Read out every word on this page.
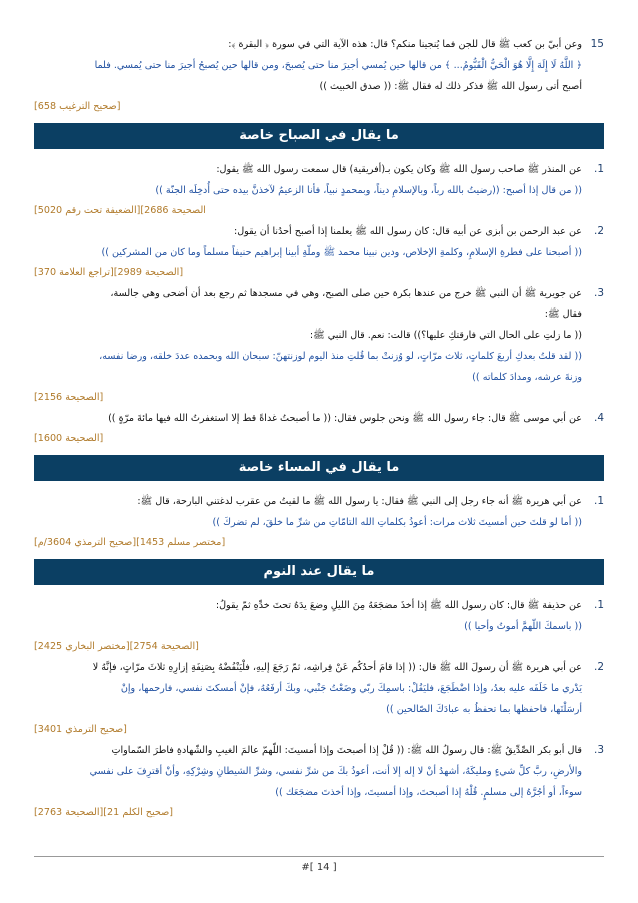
15

وعن أبيّ بن كعب ﷺ قال للجن فما يُنجينا منكم؟ قال: هذه الآية التي في سورة ﴿ البقرة ﴾:

﴿ اللَّهُ لَا إِلَهَ إِلَّا هُوَ الْحَيُّ الْقَيُّومُ... ﴾ من قالها حين يُمسي أجيرَ منا حتى يُصبحَ، ومن قالها حين يُصبحُ أجيرَ منا حتى يُمسي. فلما

أصبح أتى رسول الله ﷺ فذكر ذلك له فقال ﷺ: (( صدق الخبيث ))

[صحيح الترغيب 658]
ما يقال في الصباح خاصة
1.

عن المنذر ﷺ صاحب رسول الله ﷺ وكان يكون بـ(أفريقية) قال سمعت رسول الله ﷺ يقول:

(( من قال إذا أصبح: ((رضيتُ بالله رباً، وبالإسلامِ ديناً، وبمحمدٍ نبياً، فأنا الزعيمُ لآخذنَّ بيده حتى أُدخِلَه الجنّة ))

الصحيحة 2686][الضعيفة تحت رقم 5020]
2.

عن عبد الرحمن بن أبزى عن أبيه قال: كان رسول الله ﷺ يعلمنا إذا أصبح أحدُنا أن يقول:

(( أصبحنا على فطرةِ الإسلامِ، وكلمةِ الإخلاص، ودين نبينا محمد ﷺ وملّةِ أبينا إبراهيم حنيفاً مسلماً وما كان من المشركين ))

[الصحيحة 2989][تراجع العلامة 370]
3.

عن جويرية ﷺ أن النبي ﷺ خرج من عندها بكرة حين صلى الصبح، وهي في مسجدها ثم رجع بعد أن أضحى وهي جالسة،

فقال ﷺ:

(( ما زلتِ على الحال التي فارقتكِ عليها؟)) قالت: نعم. قال النبي ﷺ:

(( لقد قلتُ بعدكِ أربعَ كلماتٍ، ثلاث مرّاتٍ، لو وُزنتْ بما قُلتِ منذ اليوم لوزنتهنّ: سبحان الله وبحمده عددَ خلقه، ورضا نفسه،

وزنةَ عرشه، ومدادَ كلماته ))

[الصحيحة 2156]
4.

عن أبي موسى ﷺ قال: جاء رسول الله ﷺ ونحن جلوس فقال: (( ما أصبحتُ غداةً قط إلا استغفرتُ الله فيها مائةَ مرّةٍ ))

[الصحيحة 1600]
ما يقال في المساء خاصة
1.

عن أبي هريرة ﷺ أنه جاء رجل إلى النبي ﷺ فقال: يا رسول الله ﷺ ما لقيتُ من عقرب لدغتني البارحة، قال ﷺ:

(( أما لو قلتَ حين أمسيتَ ثلاث مرات: أعوذُ بكلماتِ الله التامّاتِ من شرِّ ما خلقَ، لم تضركَ ))

[مختصر مسلم 1453][صحيح الترمذي 3604/م]
ما يقال عند النوم
1.

عن حذيفة ﷺ قال: كان رسول الله ﷺ إذا أخذَ مضجَعَهُ مِنَ الليلِ وضعَ يدَهُ تحتَ خدِّهِ ثمّ يقولُ:

(( باسمكَ اللّهمَّ أموتُ وأحيا ))

[الصحيحة 2754][مختصر البخاري 2425]
2.

عن أبي هريرة ﷺ أن رسولَ الله ﷺ قال: (( إذا قامَ أحدُكُم عَنْ فِراشِه، ثمّ رَجَعَ إليهِ، فلْيَنْفُضْهُ بِصَنِفَةِ إزارِهِ ثلاثَ مرّاتٍ، فإنَّهُ لا

يَدْري ما خَلَفَه عليه بعدُ، وإذا اضْطَجَعَ، فليَقُلْ: باسمِكَ ربّي وضَعْتُ جَنْبي، وبكَ أرفَعُهُ، فإنْ أمسكتَ نفسي، فارحمها، وإنْ

أرسَلْتَها، فاحفظها بما تحفظُ به عبادَكَ الصّالحين ))

[صحيح الترمذي 3401]
3.

قال أبو بكر الصِّدِّيقُ ﷺ: قال رسولُ الله ﷺ: (( قُلْ إذا أصبحتَ وإذا أمسيتَ: اللّهمّ عالمَ الغيبِ والشّهادةِ فاطرَ السّماواتِ

والأرضِ، ربَّ كلِّ شيءٍ ومليكَهُ، أشهدُ أنْ لا إله إلا أنت، أعوذُ بكَ من شرِّ نفسي، وشرِّ الشيطانِ وشِرْكِهِ، وأنْ أقترِفَ على نفسي

سوءاً، أو أجُرَّهُ إلى مسلمٍ. قُلْهُ إذا أصبحتَ، وإذا أمسيتَ، وإذا أخذتَ مضجَعَك ))

[صحيح الكلم 21][الصحيحة 2763]
[ 14 ]#
